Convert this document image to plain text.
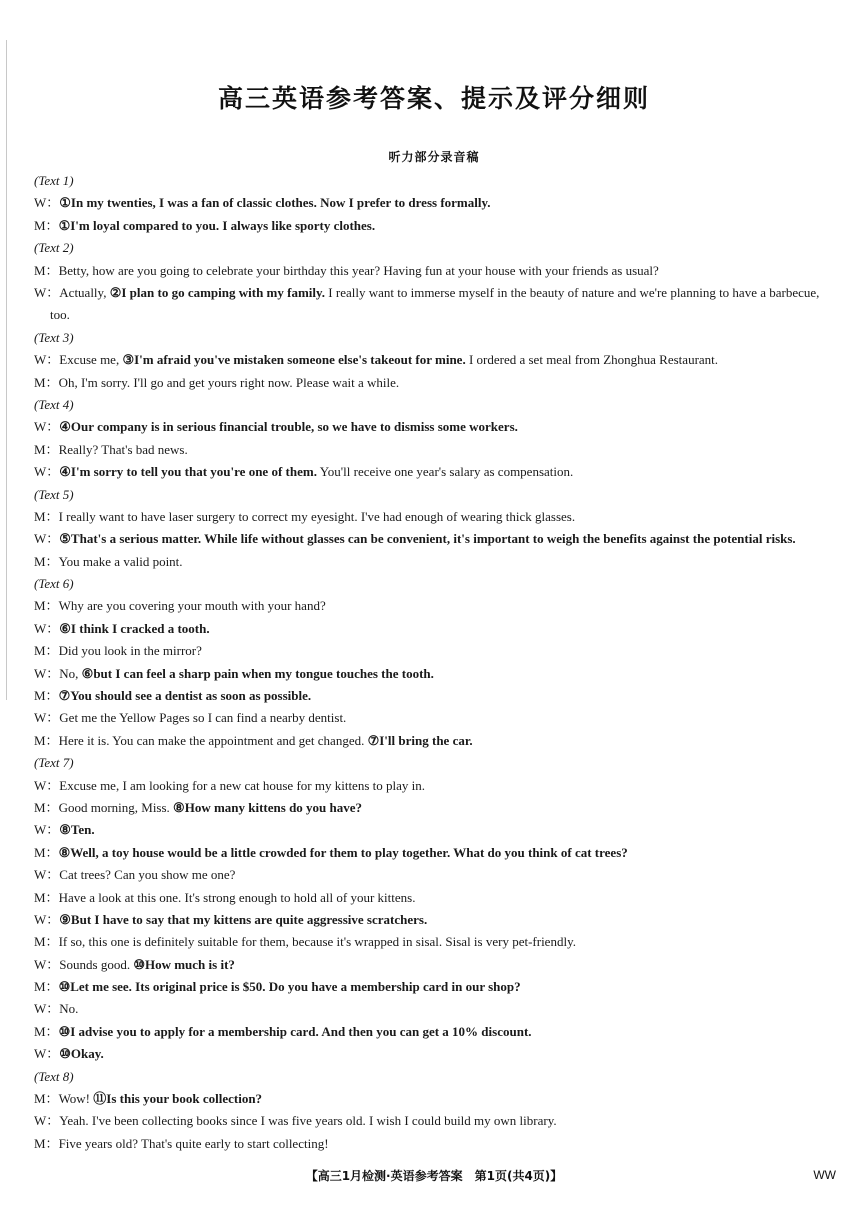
高三英语参考答案、提示及评分细则
听力部分录音稿
(Text 1)
W：①In my twenties, I was a fan of classic clothes. Now I prefer to dress formally.
M：①I'm loyal compared to you. I always like sporty clothes.
(Text 2)
M：Betty, how are you going to celebrate your birthday this year? Having fun at your house with your friends as usual?
W：Actually, ②I plan to go camping with my family. I really want to immerse myself in the beauty of nature and we're planning to have a barbecue, too.
(Text 3)
W：Excuse me, ③I'm afraid you've mistaken someone else's takeout for mine. I ordered a set meal from Zhonghua Restaurant.
M：Oh, I'm sorry. I'll go and get yours right now. Please wait a while.
(Text 4)
W：④Our company is in serious financial trouble, so we have to dismiss some workers.
M：Really? That's bad news.
W：④I'm sorry to tell you that you're one of them. You'll receive one year's salary as compensation.
(Text 5)
M：I really want to have laser surgery to correct my eyesight. I've had enough of wearing thick glasses.
W：⑤That's a serious matter. While life without glasses can be convenient, it's important to weigh the benefits against the potential risks.
M：You make a valid point.
(Text 6)
M：Why are you covering your mouth with your hand?
W：⑥I think I cracked a tooth.
M：Did you look in the mirror?
W：No, ⑥but I can feel a sharp pain when my tongue touches the tooth.
M：⑦You should see a dentist as soon as possible.
W：Get me the Yellow Pages so I can find a nearby dentist.
M：Here it is. You can make the appointment and get changed. ⑦I'll bring the car.
(Text 7)
W：Excuse me, I am looking for a new cat house for my kittens to play in.
M：Good morning, Miss. ⑧How many kittens do you have?
W：⑧Ten.
M：⑧Well, a toy house would be a little crowded for them to play together. What do you think of cat trees?
W：Cat trees? Can you show me one?
M：Have a look at this one. It's strong enough to hold all of your kittens.
W：⑨But I have to say that my kittens are quite aggressive scratchers.
M：If so, this one is definitely suitable for them, because it's wrapped in sisal. Sisal is very pet-friendly.
W：Sounds good. ⑩How much is it?
M：⑩Let me see. Its original price is $50. Do you have a membership card in our shop?
W：No.
M：⑩I advise you to apply for a membership card. And then you can get a 10% discount.
W：⑩Okay.
(Text 8)
M：Wow! ⑪Is this your book collection?
W：Yeah. I've been collecting books since I was five years old. I wish I could build my own library.
M：Five years old? That's quite early to start collecting!
【高三1月检测·英语参考答案　第1页(共4页)】	WW
